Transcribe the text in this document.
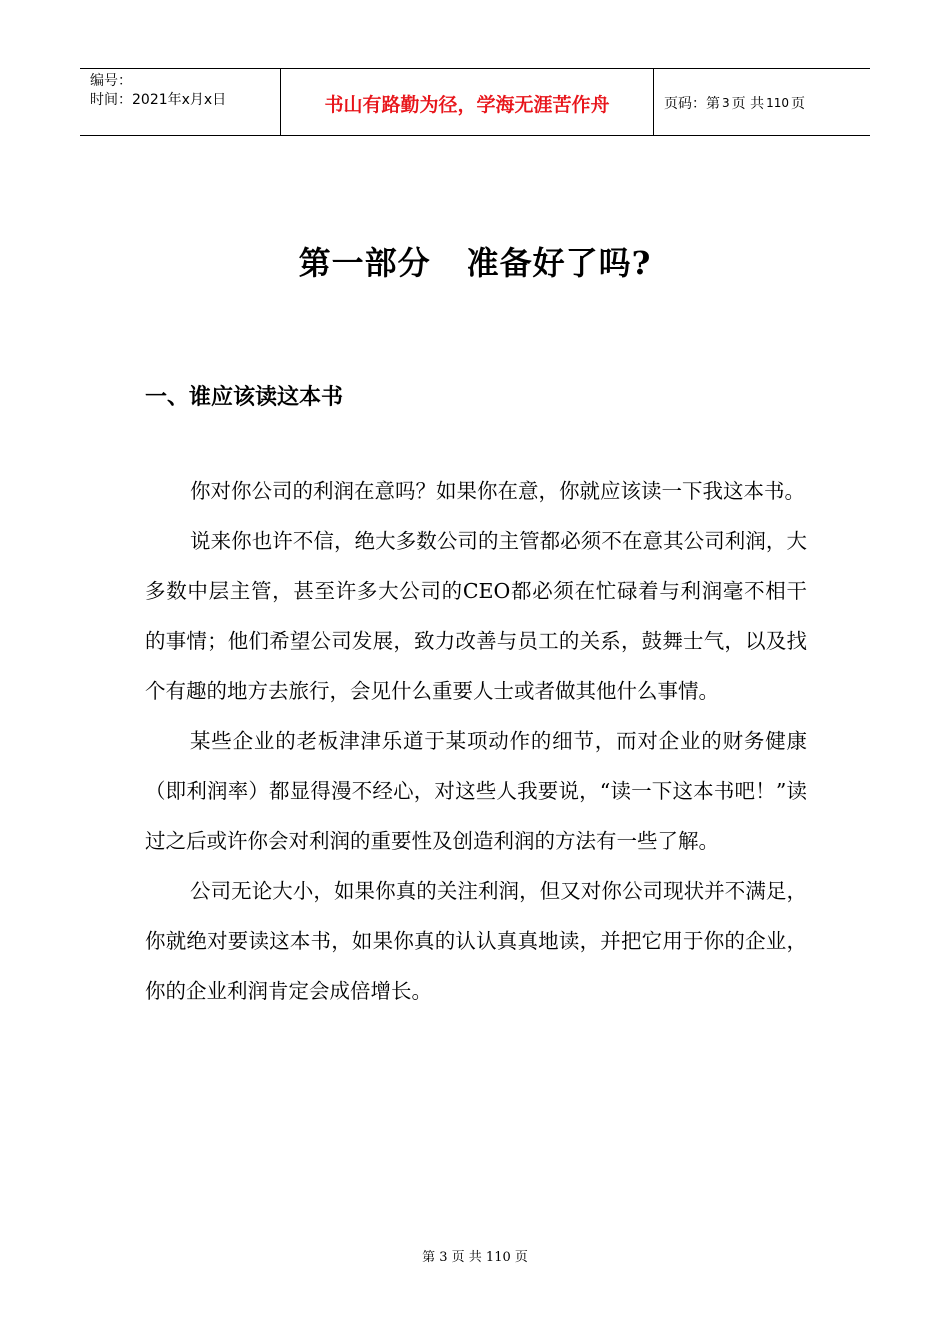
编号：
时间：2021年x月x日	书山有路勤为径，学海无涯苦作舟	页码：第 3 页 共 110 页
第一部分 准备好了吗?
一、谁应该读这本书

你对你公司的利润在意吗？如果你在意，你就应该读一下我这本书。

说来你也许不信，绝大多数公司的主管都必须不在意其公司利润，大多数中层主管，甚至许多大公司的CEO都必须在忙碌着与利润毫不相干的事情；他们希望公司发展，致力改善与员工的关系，鼓舞士气，以及找个有趣的地方去旅行，会见什么重要人士或者做其他什么事情。

某些企业的老板津津乐道于某项动作的细节，而对企业的财务健康（即利润率）都显得漫不经心，对这些人我要说，“读一下这本书吧！”读过之后或许你会对利润的重要性及创造利润的方法有一些了解。

公司无论大小，如果你真的关注利润，但又对你公司现状并不满足，你就绝对要读这本书，如果你真的认认真真地读，并把它用于你的企业，你的企业利润肯定会成倍增长。

第 3 页 共 110 页
